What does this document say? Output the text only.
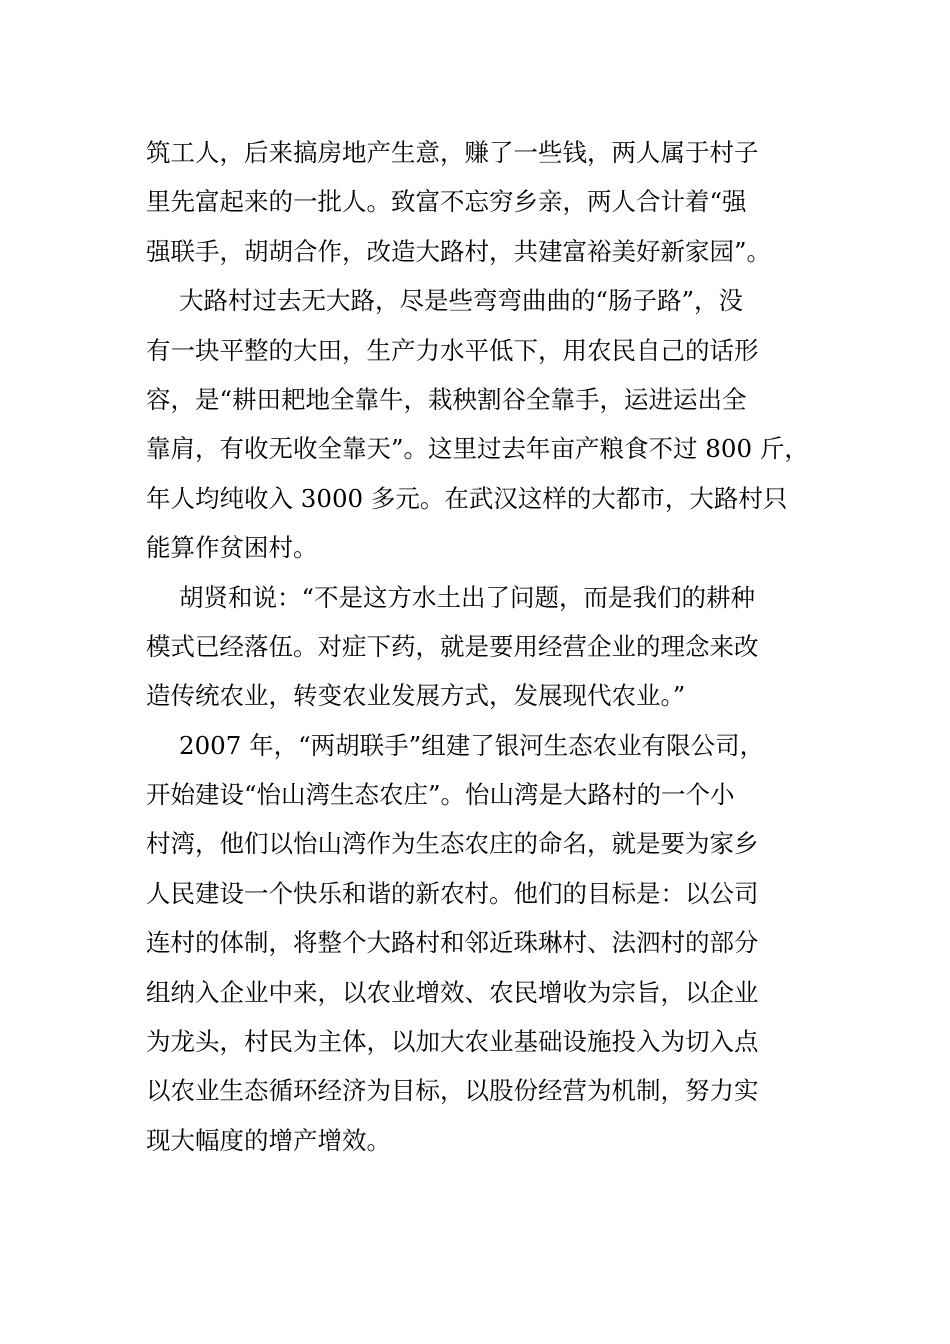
筑工人，后来搞房地产生意，赚了一些钱，两人属于村子
里先富起来的一批人。致富不忘穷乡亲，两人合计着“强
强联手，胡胡合作，改造大路村，共建富裕美好新家园”。
大路村过去无大路，尽是些弯弯曲曲的“肠子路”，没
有一块平整的大田，生产力水平低下，用农民自己的话形
容，是“耕田耙地全靠牛，栽秧割谷全靠手，运进运出全
靠肩，有收无收全靠天”。这里过去年亩产粮食不过 800 斤，
年人均纯收入 3000 多元。在武汉这样的大都市，大路村只
能算作贫困村。
胡贤和说：“不是这方水土出了问题，而是我们的耕种
模式已经落伍。对症下药，就是要用经营企业的理念来改
造传统农业，转变农业发展方式，发展现代农业。”
2007 年，“两胡联手”组建了银河生态农业有限公司，
开始建设“怡山湾生态农庄”。怡山湾是大路村的一个小
村湾，他们以怡山湾作为生态农庄的命名，就是要为家乡
人民建设一个快乐和谐的新农村。他们的目标是：以公司
连村的体制，将整个大路村和邻近珠琳村、法泗村的部分
组纳入企业中来，以农业增效、农民增收为宗旨，以企业
为龙头，村民为主体，以加大农业基础设施投入为切入点
以农业生态循环经济为目标，以股份经营为机制，努力实
现大幅度的增产增效。
